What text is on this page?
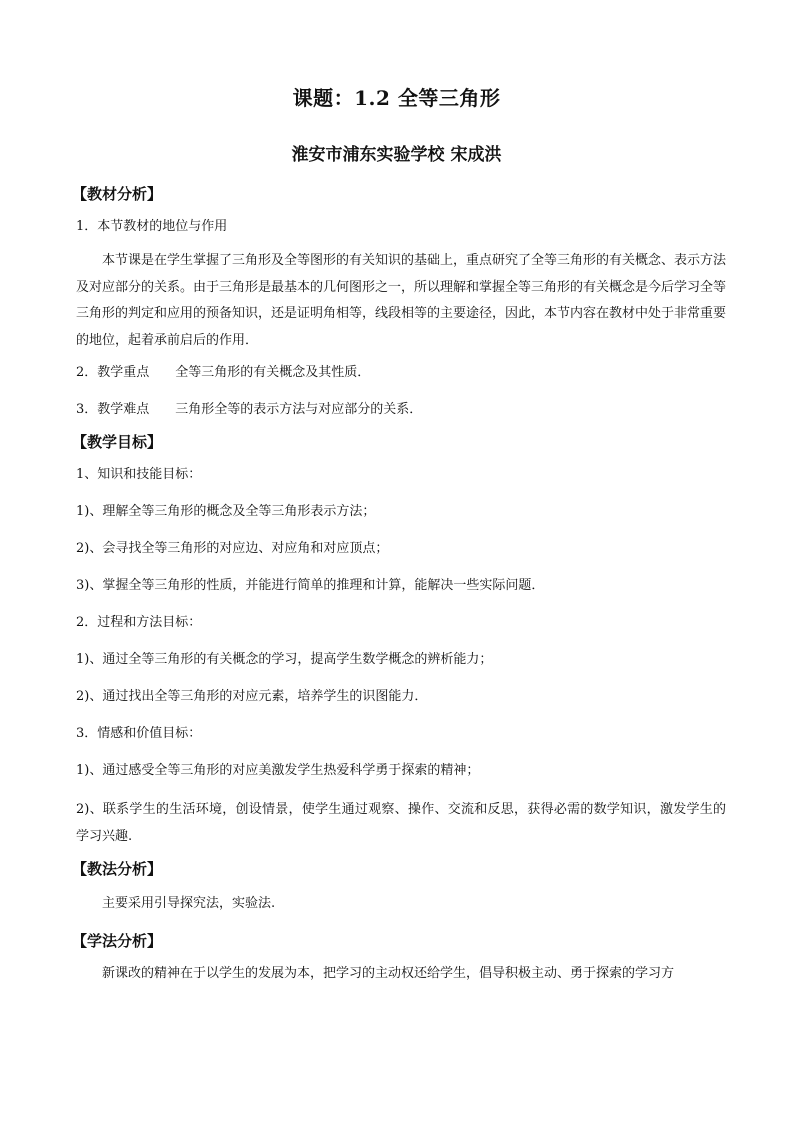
课题：1.2 全等三角形
淮安市浦东实验学校 宋成洪
【教材分析】
1．本节教材的地位与作用
本节课是在学生掌握了三角形及全等图形的有关知识的基础上，重点研究了全等三角形的有关概念、表示方法及对应部分的关系。由于三角形是最基本的几何图形之一，所以理解和掌握全等三角形的有关概念是今后学习全等三角形的判定和应用的预备知识，还是证明角相等，线段相等的主要途径，因此，本节内容在教材中处于非常重要的地位，起着承前启后的作用．
2．教学重点 全等三角形的有关概念及其性质．
3．教学难点 三角形全等的表示方法与对应部分的关系．
【教学目标】
1、知识和技能目标：
1)、理解全等三角形的概念及全等三角形表示方法；
2)、会寻找全等三角形的对应边、对应角和对应顶点；
3)、掌握全等三角形的性质，并能进行简单的推理和计算，能解决一些实际问题．
2．过程和方法目标：
1)、通过全等三角形的有关概念的学习，提高学生数学概念的辨析能力；
2)、通过找出全等三角形的对应元素，培养学生的识图能力．
3．情感和价值目标：
1)、通过感受全等三角形的对应美激发学生热爱科学勇于探索的精神；
2)、联系学生的生活环境，创设情景，使学生通过观察、操作、交流和反思，获得必需的数学知识，激发学生的学习兴趣.
【教法分析】
主要采用引导探究法，实验法.
【学法分析】
新课改的精神在于以学生的发展为本，把学习的主动权还给学生，倡导积极主动、勇于探索的学习方
